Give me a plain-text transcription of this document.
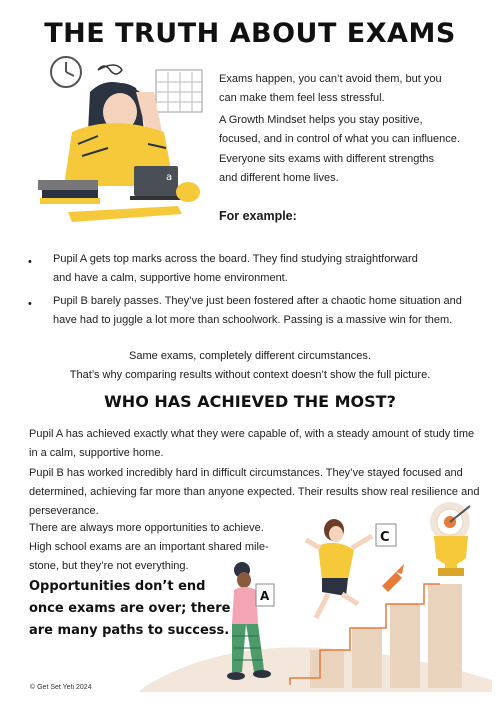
THE TRUTH ABOUT EXAMS
a
Exams happen, you can’t avoid them, but you can make them feel less stressful.
A Growth Mindset helps you stay positive, focused, and in control of what you can influence.
Everyone sits exams with different strengths and different home lives.
For example:
• Pupil A gets top marks across the board. They find studying straightforward and have a calm, supportive home environment.
• Pupil B barely passes. They’ve just been fostered after a chaotic home situation and have had to juggle a lot more than schoolwork. Passing is a massive win for them.
Same exams, completely different circumstances.
That’s why comparing results without context doesn’t show the full picture.
WHO HAS ACHIEVED THE MOST?
Pupil A has achieved exactly what they were capable of, with a steady amount of study time in a calm, supportive home.
Pupil B has worked incredibly hard in difficult circumstances. They’ve stayed focused and determined, achieving far more than anyone expected. Their results show real resilience and perseverance.
There are always more opportunities to achieve. High school exams are an important shared mile-stone, but they’re not everything.
Opportunities don’t end once exams are over; there are many paths to success.
C
A
© Get Set Yeti 2024
